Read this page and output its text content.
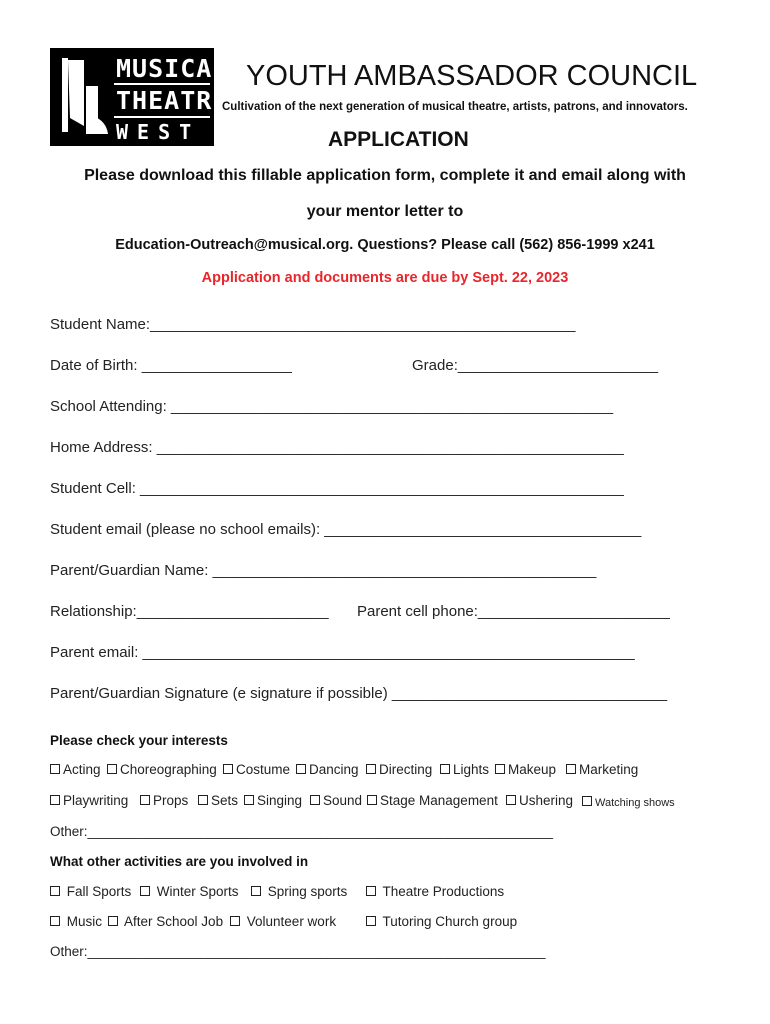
MUSICAL
THEATRE
WEST
YOUTH AMBASSADOR COUNCIL
Cultivation of the next generation of musical theatre, artists, patrons, and innovators.
APPLICATION
Please download this fillable application form, complete it and email along with
your mentor letter to
Education-Outreach@musical.org. Questions? Please call (562) 856-1999 x241
Application and documents are due by Sept. 22, 2023
Student Name:___________________________________________________
Date of Birth: __________________	Grade:________________________
School Attending: _____________________________________________________
Home Address: ________________________________________________________
Student Cell: __________________________________________________________
Student email (please no school emails): ______________________________________
Parent/Guardian Name: ______________________________________________
Relationship:_______________________ Parent cell phone:_______________________
Parent email: ___________________________________________________________
Parent/Guardian Signature (e signature if possible) _________________________________
Please check your interests
Acting	Choreographing	Costume	Dancing	Directing	Lights	Makeup	Marketing
Playwriting	Props	Sets	Singing	Sound	Stage Management	Ushering	Watching shows
Other:______________________________________________________________
What other activities are you involved in
Fall Sports	Winter Sports	Spring sports	Theatre Productions
Music	After School Job	Volunteer work	Tutoring Church group
Other:_____________________________________________________________
